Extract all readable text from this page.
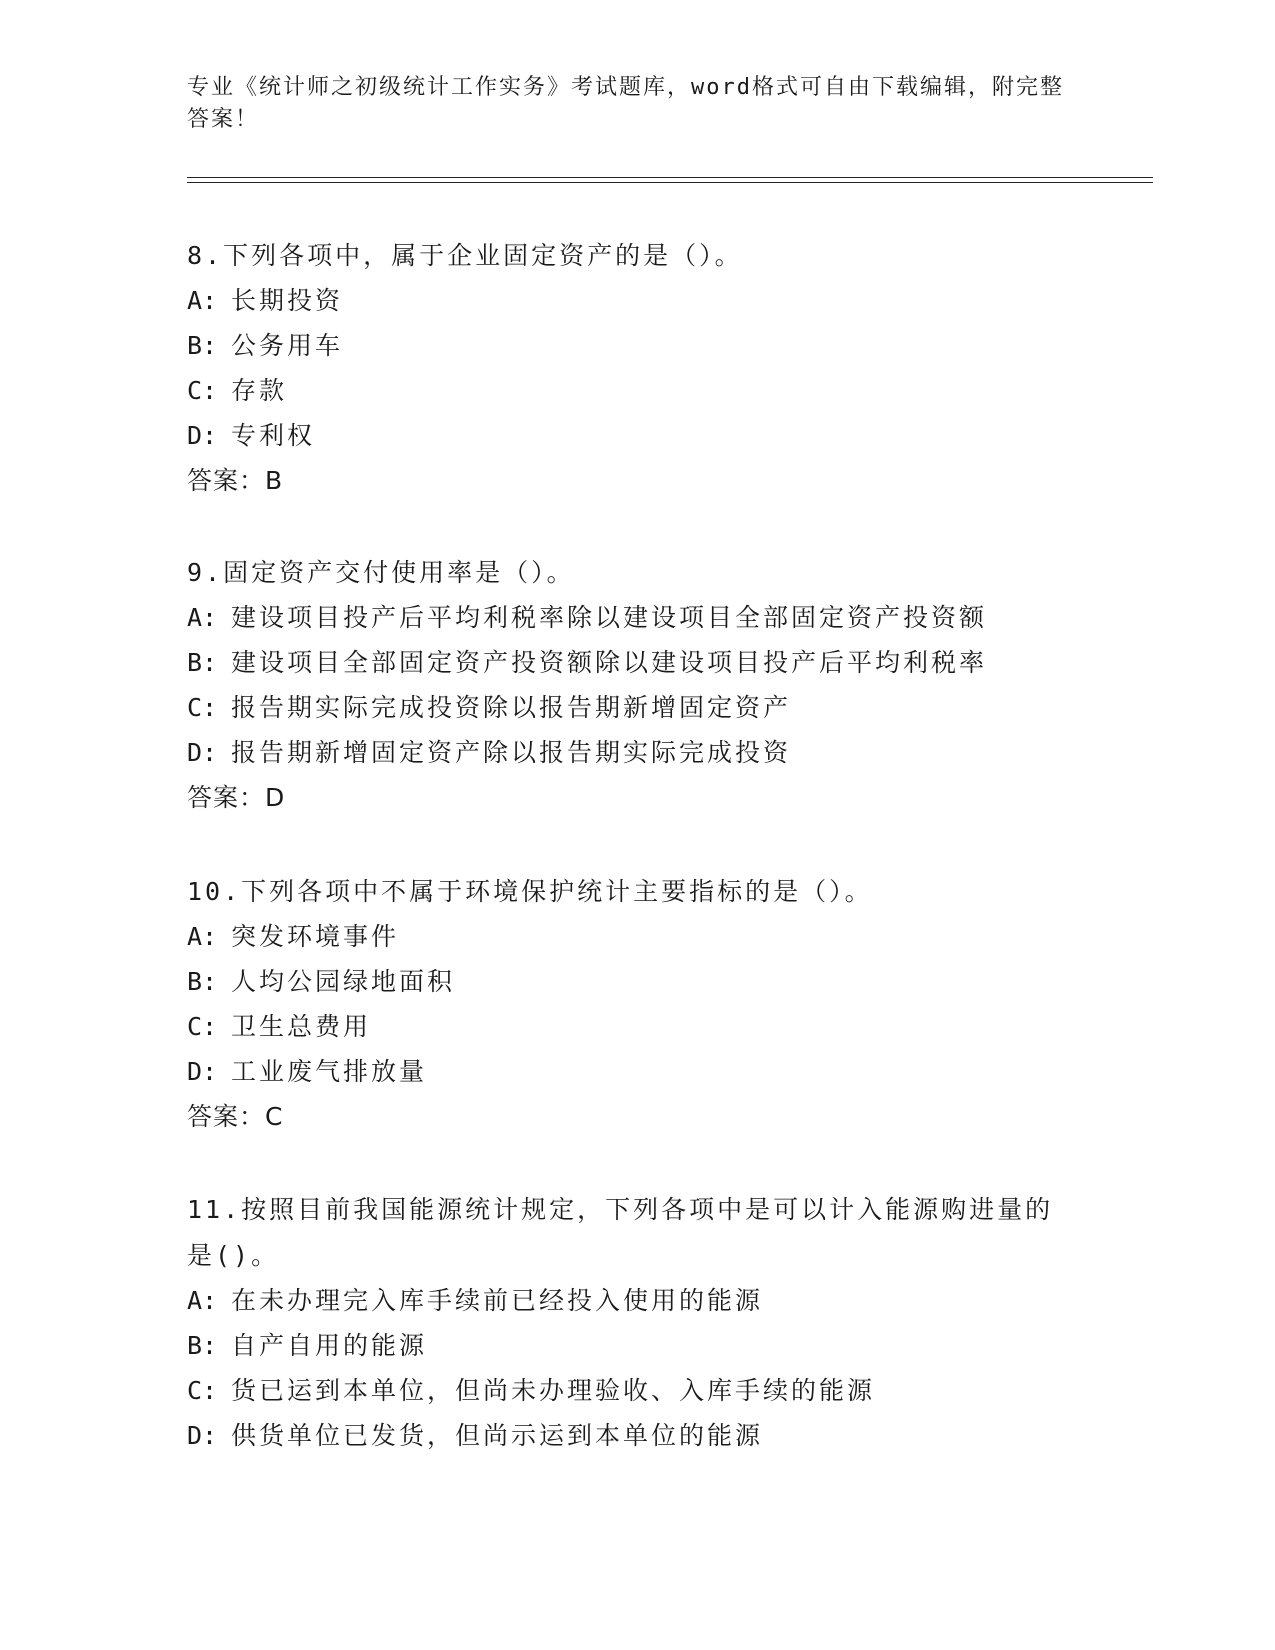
专业《统计师之初级统计工作实务》考试题库，word格式可自由下载编辑，附完整答案！

8.下列各项中，属于企业固定资产的是（）。

A: 长期投资

B: 公务用车

C: 存款

D: 专利权

答案：B

9.固定资产交付使用率是（）。

A: 建设项目投产后平均利税率除以建设项目全部固定资产投资额

B: 建设项目全部固定资产投资额除以建设项目投产后平均利税率

C: 报告期实际完成投资除以报告期新增固定资产

D: 报告期新增固定资产除以报告期实际完成投资

答案：D

10.下列各项中不属于环境保护统计主要指标的是（）。

A: 突发环境事件

B: 人均公园绿地面积

C: 卫生总费用

D: 工业废气排放量

答案：C

11.按照目前我国能源统计规定，下列各项中是可以计入能源购进量的

是()。

A: 在未办理完入库手续前已经投入使用的能源

B: 自产自用的能源

C: 货已运到本单位，但尚未办理验收、入库手续的能源

D: 供货单位已发货，但尚示运到本单位的能源
